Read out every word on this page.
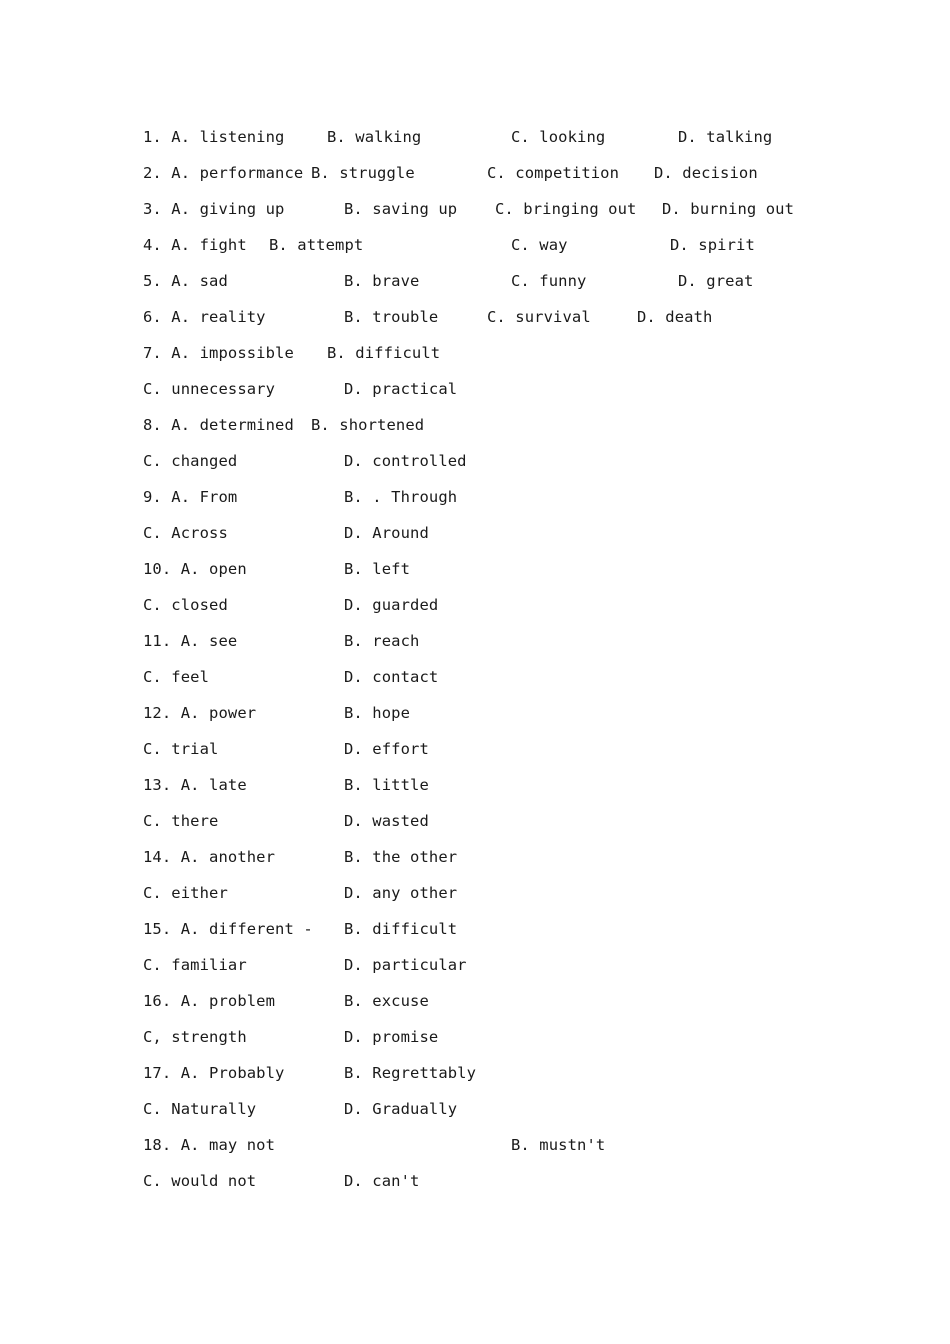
1. A. listening	B. walking	C. looking	D. talking
2. A. performance B. struggle	C. competition D. decision
3. A. giving up	B. saving up C. bringing out D. burning out
4. A. fight B. attempt	C. way	D. spirit
5. A. sad	B. brave	C. funny	D. great
6. A. reality	B. trouble	C. survival	D. death
7. A. impossible B. difficult
C. unnecessary	D. practical
8. A. determined B. shortened
C. changed	D. controlled
9. A. From	B. . Through
C. Across	D. Around
10. A. open	B. left
C. closed	D. guarded
11. A. see	B. reach
C. feel	D. contact
12. A. power	B. hope
C. trial	D. effort
13. A. late	B. little
C. there	D. wasted
14. A. another	B. the other
C. either	D. any other
15. A. different - B. difficult
C. familiar	D. particular
16. A. problem	B. excuse
C, strength	D. promise
17. A. Probably	B. Regrettably
C. Naturally	D. Gradually
18. A. may not	B. mustn't
C. would not	D. can't
